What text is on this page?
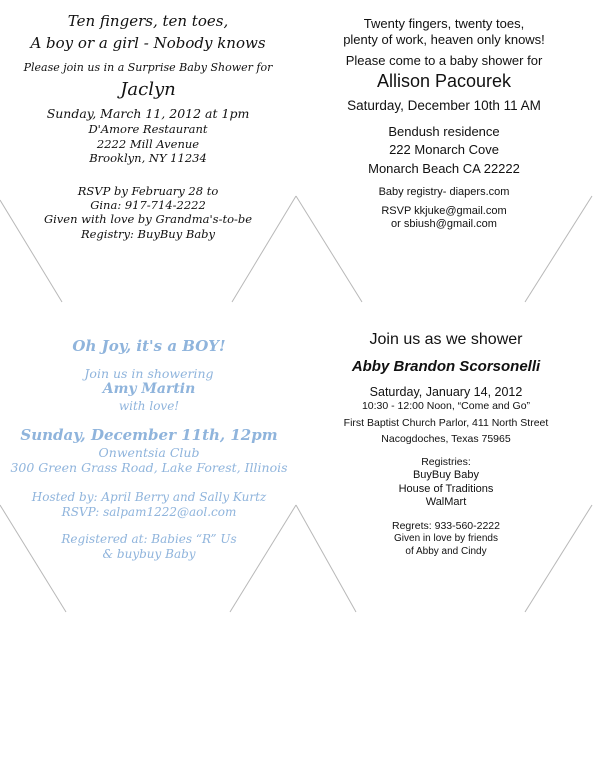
Ten fingers, ten toes,
A boy or a girl - Nobody knows
Please join us in a Surprise Baby Shower for
Jaclyn
Sunday, March 11, 2012 at 1pm
D'Amore Restaurant
2222 Mill Avenue
Brooklyn, NY 11234
RSVP by February 28 to
Gina: 917-714-2222
Given with love by Grandma's-to-be
Registry: BuyBuy Baby
Twenty fingers, twenty toes,
plenty of work, heaven only knows!
Please come to a baby shower for
Allison Pacourek
Saturday, December 10th 11 AM
Bendush residence
222 Monarch Cove
Monarch Beach CA 22222
Baby registry- diapers.com
RSVP kkjuke@gmail.com
or sbiush@gmail.com
Oh Joy, it's a BOY!
Join us in showering
Amy Martin
with love!
Sunday, December 11th, 12pm
Onwentsia Club
300 Green Grass Road, Lake Forest, Illinois
Hosted by: April Berry and Sally Kurtz
RSVP: salpam1222@aol.com
Registered at: Babies “R” Us
& buybuy Baby
Join us as we shower
Abby Brandon Scorsonelli
Saturday, January 14, 2012
10:30 - 12:00 Noon, “Come and Go”
First Baptist Church Parlor, 411 North Street
Nacogdoches, Texas 75965
Registries:
BuyBuy Baby
House of Traditions
WalMart
Regrets: 933-560-2222
Given in love by friends
of Abby and Cindy
